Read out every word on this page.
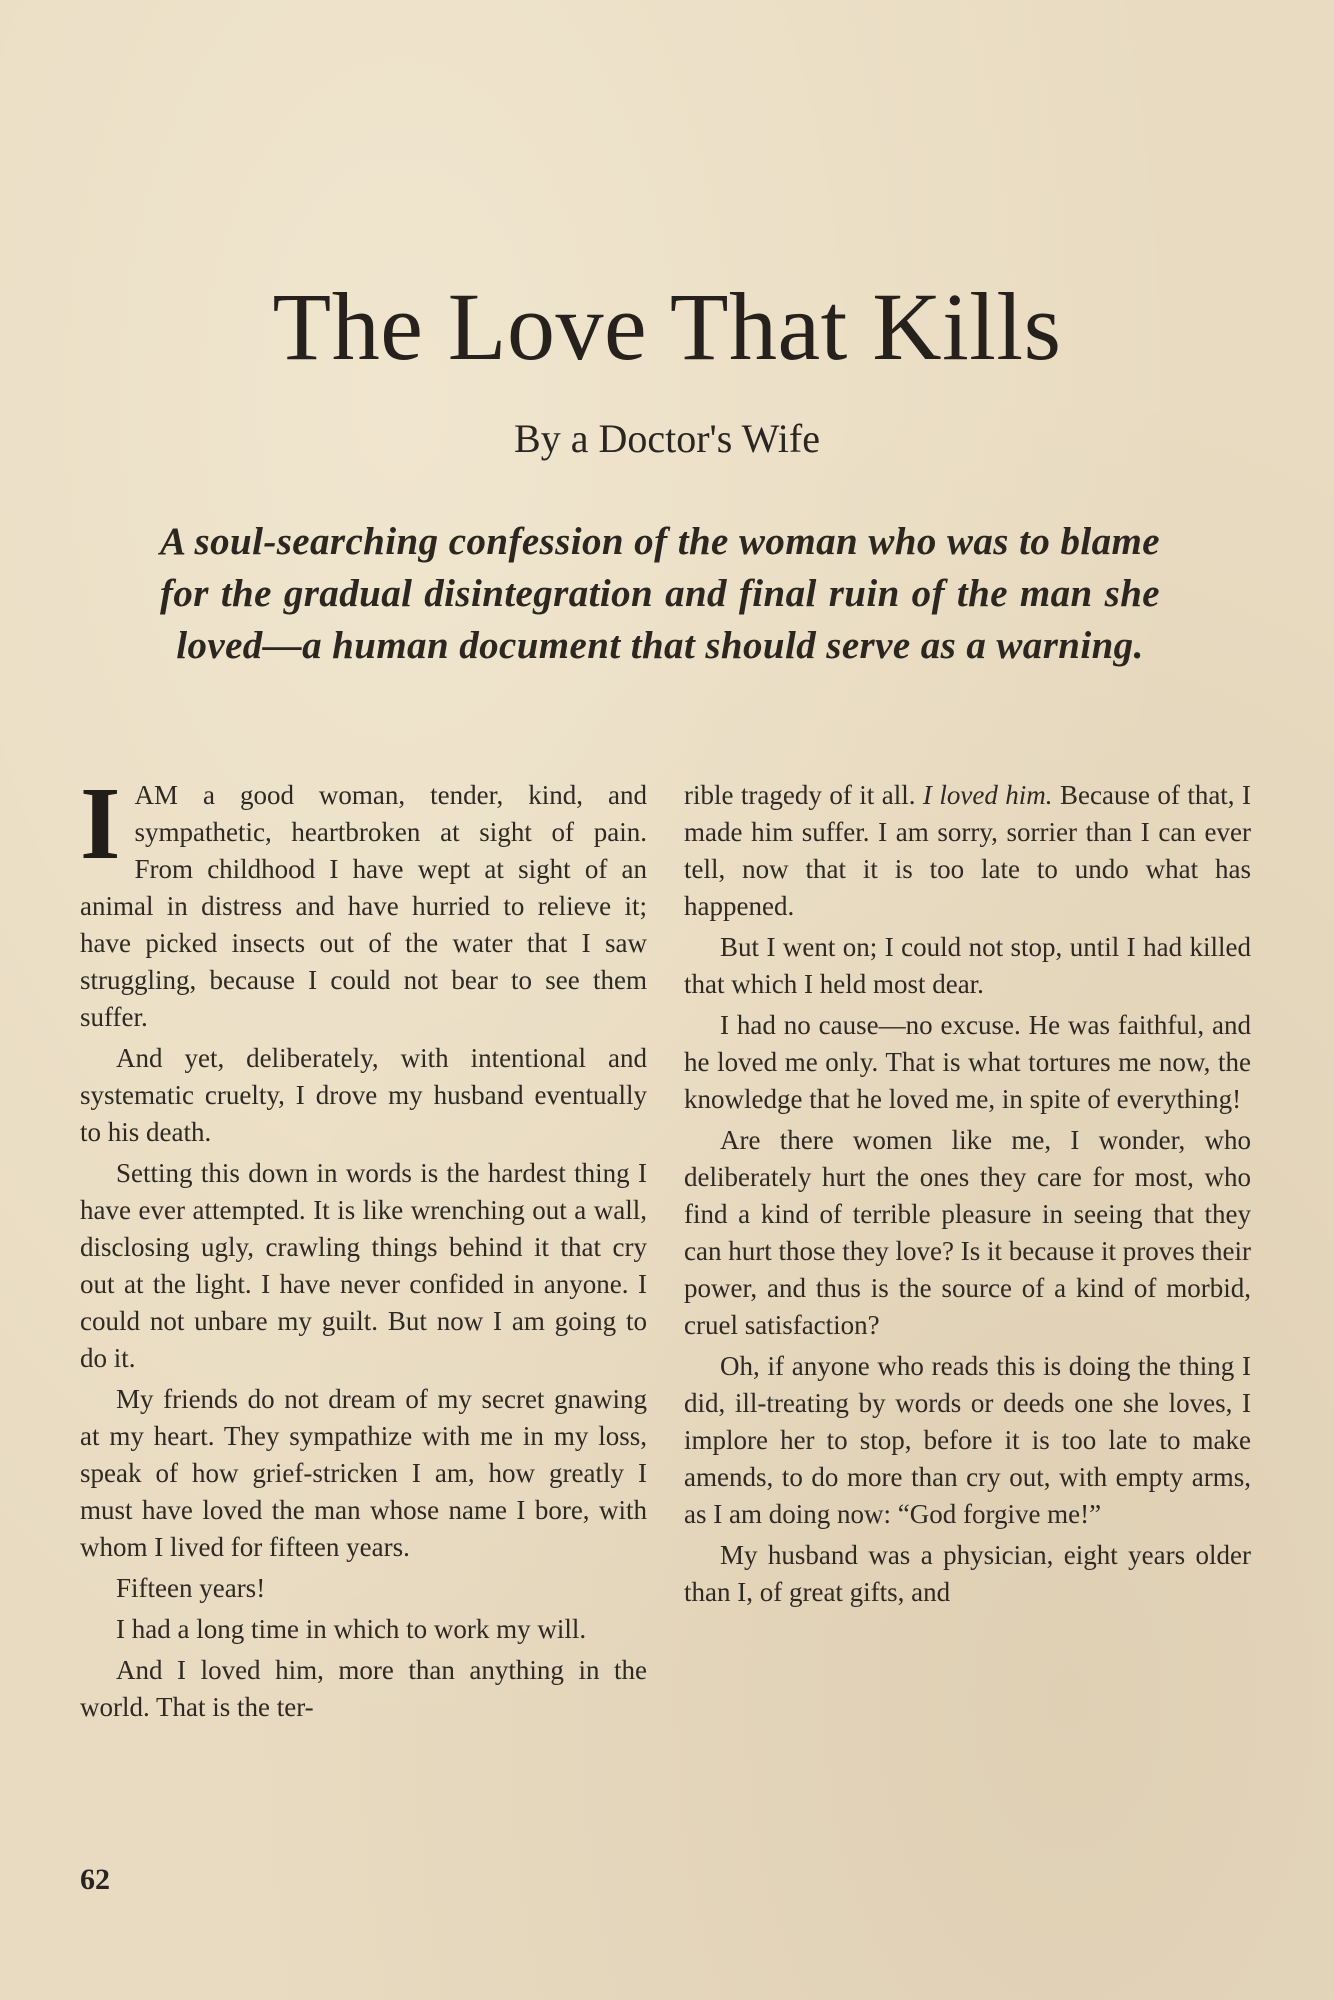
The Love That Kills
By a Doctor's Wife

A soul-searching confession of the woman who was to blame for the gradual disintegration and final ruin of the man she loved—a human document that should serve as a warning.

IAM a good woman, tender, kind, and sympathetic, heartbroken at sight of pain. From childhood I have wept at sight of an animal in distress and have hurried to relieve it; have picked insects out of the water that I saw struggling, because I could not bear to see them suffer.

And yet, deliberately, with intentional and systematic cruelty, I drove my husband eventually to his death.

Setting this down in words is the hardest thing I have ever attempted. It is like wrenching out a wall, disclosing ugly, crawling things behind it that cry out at the light. I have never confided in anyone. I could not unbare my guilt. But now I am going to do it.

My friends do not dream of my secret gnawing at my heart. They sympathize with me in my loss, speak of how grief-stricken I am, how greatly I must have loved the man whose name I bore, with whom I lived for fifteen years.

Fifteen years!

I had a long time in which to work my will.

And I loved him, more than anything in the world. That is the ter-

rible tragedy of it all. I loved him. Because of that, I made him suffer. I am sorry, sorrier than I can ever tell, now that it is too late to undo what has happened.

But I went on; I could not stop, until I had killed that which I held most dear.

I had no cause—no excuse. He was faithful, and he loved me only. That is what tortures me now, the knowledge that he loved me, in spite of everything!

Are there women like me, I wonder, who deliberately hurt the ones they care for most, who find a kind of terrible pleasure in seeing that they can hurt those they love? Is it because it proves their power, and thus is the source of a kind of morbid, cruel satisfaction?

Oh, if anyone who reads this is doing the thing I did, ill-treating by words or deeds one she loves, I implore her to stop, before it is too late to make amends, to do more than cry out, with empty arms, as I am doing now: “God forgive me!”

My husband was a physician, eight years older than I, of great gifts, and

62
